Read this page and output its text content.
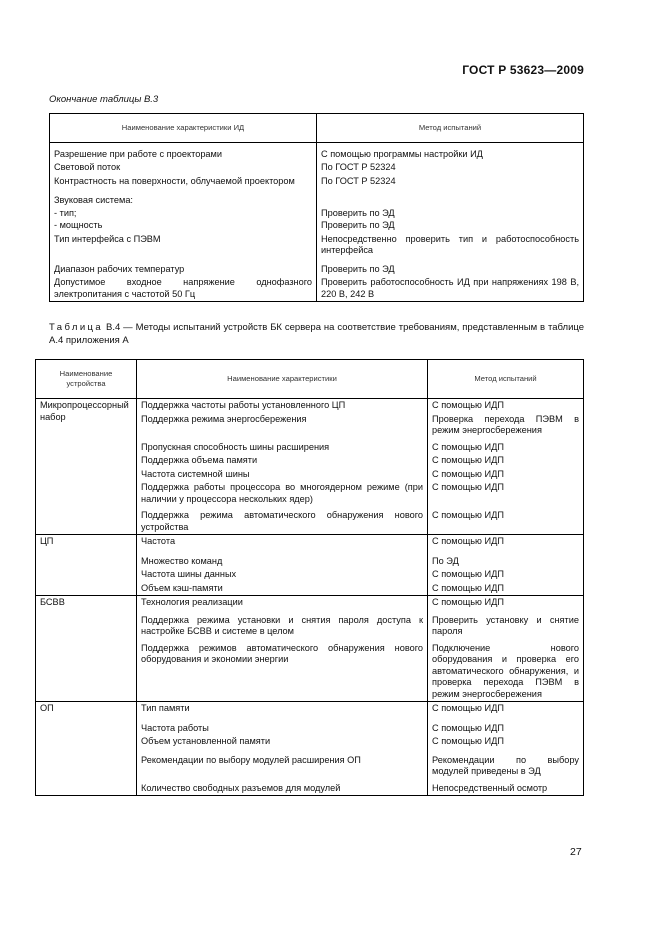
ГОСТ Р 53623—2009
Окончание таблицы В.3
Наименование характеристики ИД	Метод испытаний

Разрешение при работе с проекторами	С помощью программы настройки ИД
Световой поток	По ГОСТ Р 52324
Контрастность на поверхности, облучаемой проектором	По ГОСТ Р 52324
Звуковая система:	
- тип;	Проверить по ЭД
- мощность	Проверить по ЭД
Тип интерфейса с ПЭВМ	Непосредственно проверить тип и работоспособность интерфейса
Диапазон рабочих температур	Проверить по ЭД
Допустимое входное напряжение однофазного электропитания с частотой 50 Гц	Проверить работоспособность ИД при напряжениях 198 В, 220 В, 242 В
Таблица В.4 — Методы испытаний устройств БК сервера на соответствие требованиям, представленным в таблице А.4 приложения А
Наименование устройства	Наименование характеристики	Метод испытаний
Микропроцессорный набор	Поддержка частоты работы установленного ЦП	С помощью ИДП
	Поддержка режима энергосбережения	Проверка перехода ПЭВМ в режим энергосбережения
	Пропускная способность шины расширения	С помощью ИДП
	Поддержка объема памяти	С помощью ИДП
	Частота системной шины	С помощью ИДП
	Поддержка работы процессора во многоядерном режиме (при наличии у процессора нескольких ядер)	С помощью ИДП
	Поддержка режима автоматического обнаружения нового устройства	С помощью ИДП
ЦП	Частота	С помощью ИДП
	Множество команд	По ЭД
	Частота шины данных	С помощью ИДП
	Объем кэш-памяти	С помощью ИДП
БСВВ	Технология реализации	С помощью ИДП
	Поддержка режима установки и снятия пароля доступа к настройке БСВВ и системе в целом	Проверить установку и снятие пароля
	Поддержка режимов автоматического обнаружения нового оборудования и экономии энергии	Подключение нового оборудования и проверка его автоматического обнаружения, и проверка перехода ПЭВМ в режим энергосбережения
ОП	Тип памяти	С помощью ИДП
	Частота работы	С помощью ИДП
	Объем установленной памяти	С помощью ИДП
	Рекомендации по выбору модулей расширения ОП	Рекомендации по выбору модулей приведены в ЭД
	Количество свободных разъемов для модулей	Непосредственный осмотр
27
